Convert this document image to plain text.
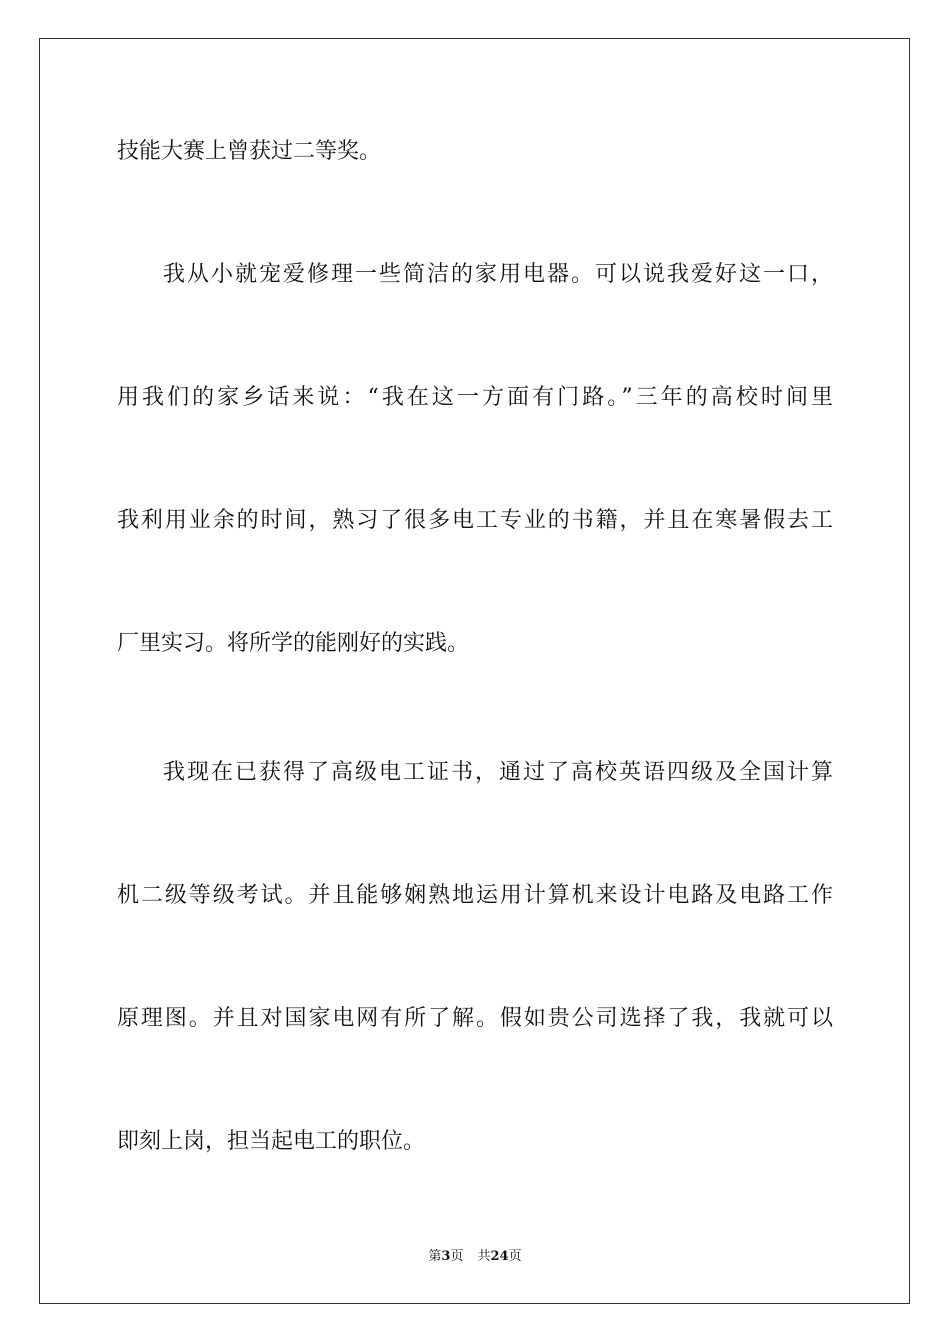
技能大赛上曾获过二等奖。
我从小就宠爱修理一些简洁的家用电器。可以说我爱好这一口，
用我们的家乡话来说：“我在这一方面有门路。”三年的高校时间里
我利用业余的时间，熟习了很多电工专业的书籍，并且在寒暑假去工
厂里实习。将所学的能刚好的实践。
我现在已获得了高级电工证书，通过了高校英语四级及全国计算
机二级等级考试。并且能够娴熟地运用计算机来设计电路及电路工作
原理图。并且对国家电网有所了解。假如贵公司选择了我，我就可以
即刻上岗，担当起电工的职位。
第3页 共24页
